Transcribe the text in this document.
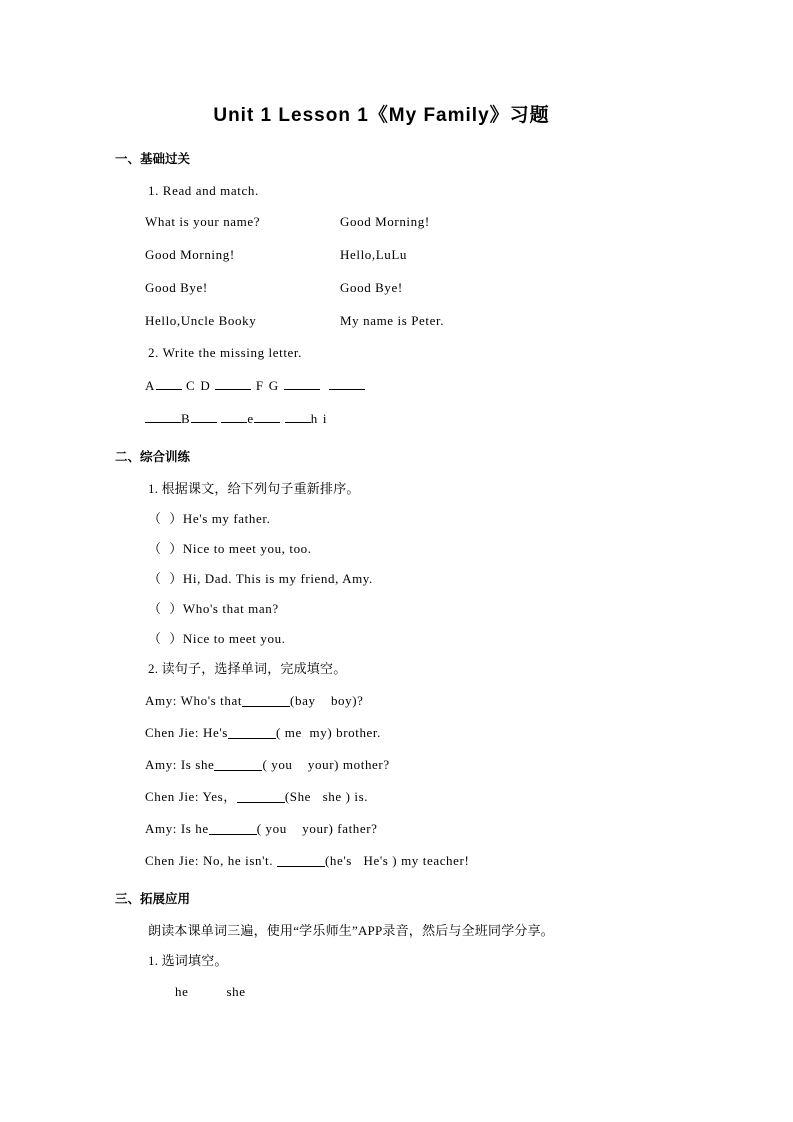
Unit 1 Lesson 1《My Family》习题
一、基础过关
1. Read and match.
What is your name?	Good Morning!
Good Morning!	Hello,LuLu
Good Bye!	Good Bye!
Hello,Uncle Booky	My name is Peter.
2. Write the missing letter.
A C D	F G
B	e	h i
二、综合训练
1. 根据课文，给下列句子重新排序。
（  ）He's my father.
（  ）Nice to meet you, too.
（  ）Hi, Dad. This is my friend, Amy.
（  ）Who's that man?
（  ）Nice to meet you.
2. 读句子，选择单词，完成填空。
Amy: Who's that	(bay    boy)?
Chen Jie: He's	( me  my) brother.
Amy: Is she	( you    your) mother?
Chen Jie: Yes，	(She   she ) is.
Amy: Is he	( you    your) father?
Chen Jie: No, he isn't.	(he's   He's ) my teacher!
三、拓展应用
朗读本课单词三遍，使用“学乐师生”APP录音，然后与全班同学分享。
1. 选词填空。
he	she
